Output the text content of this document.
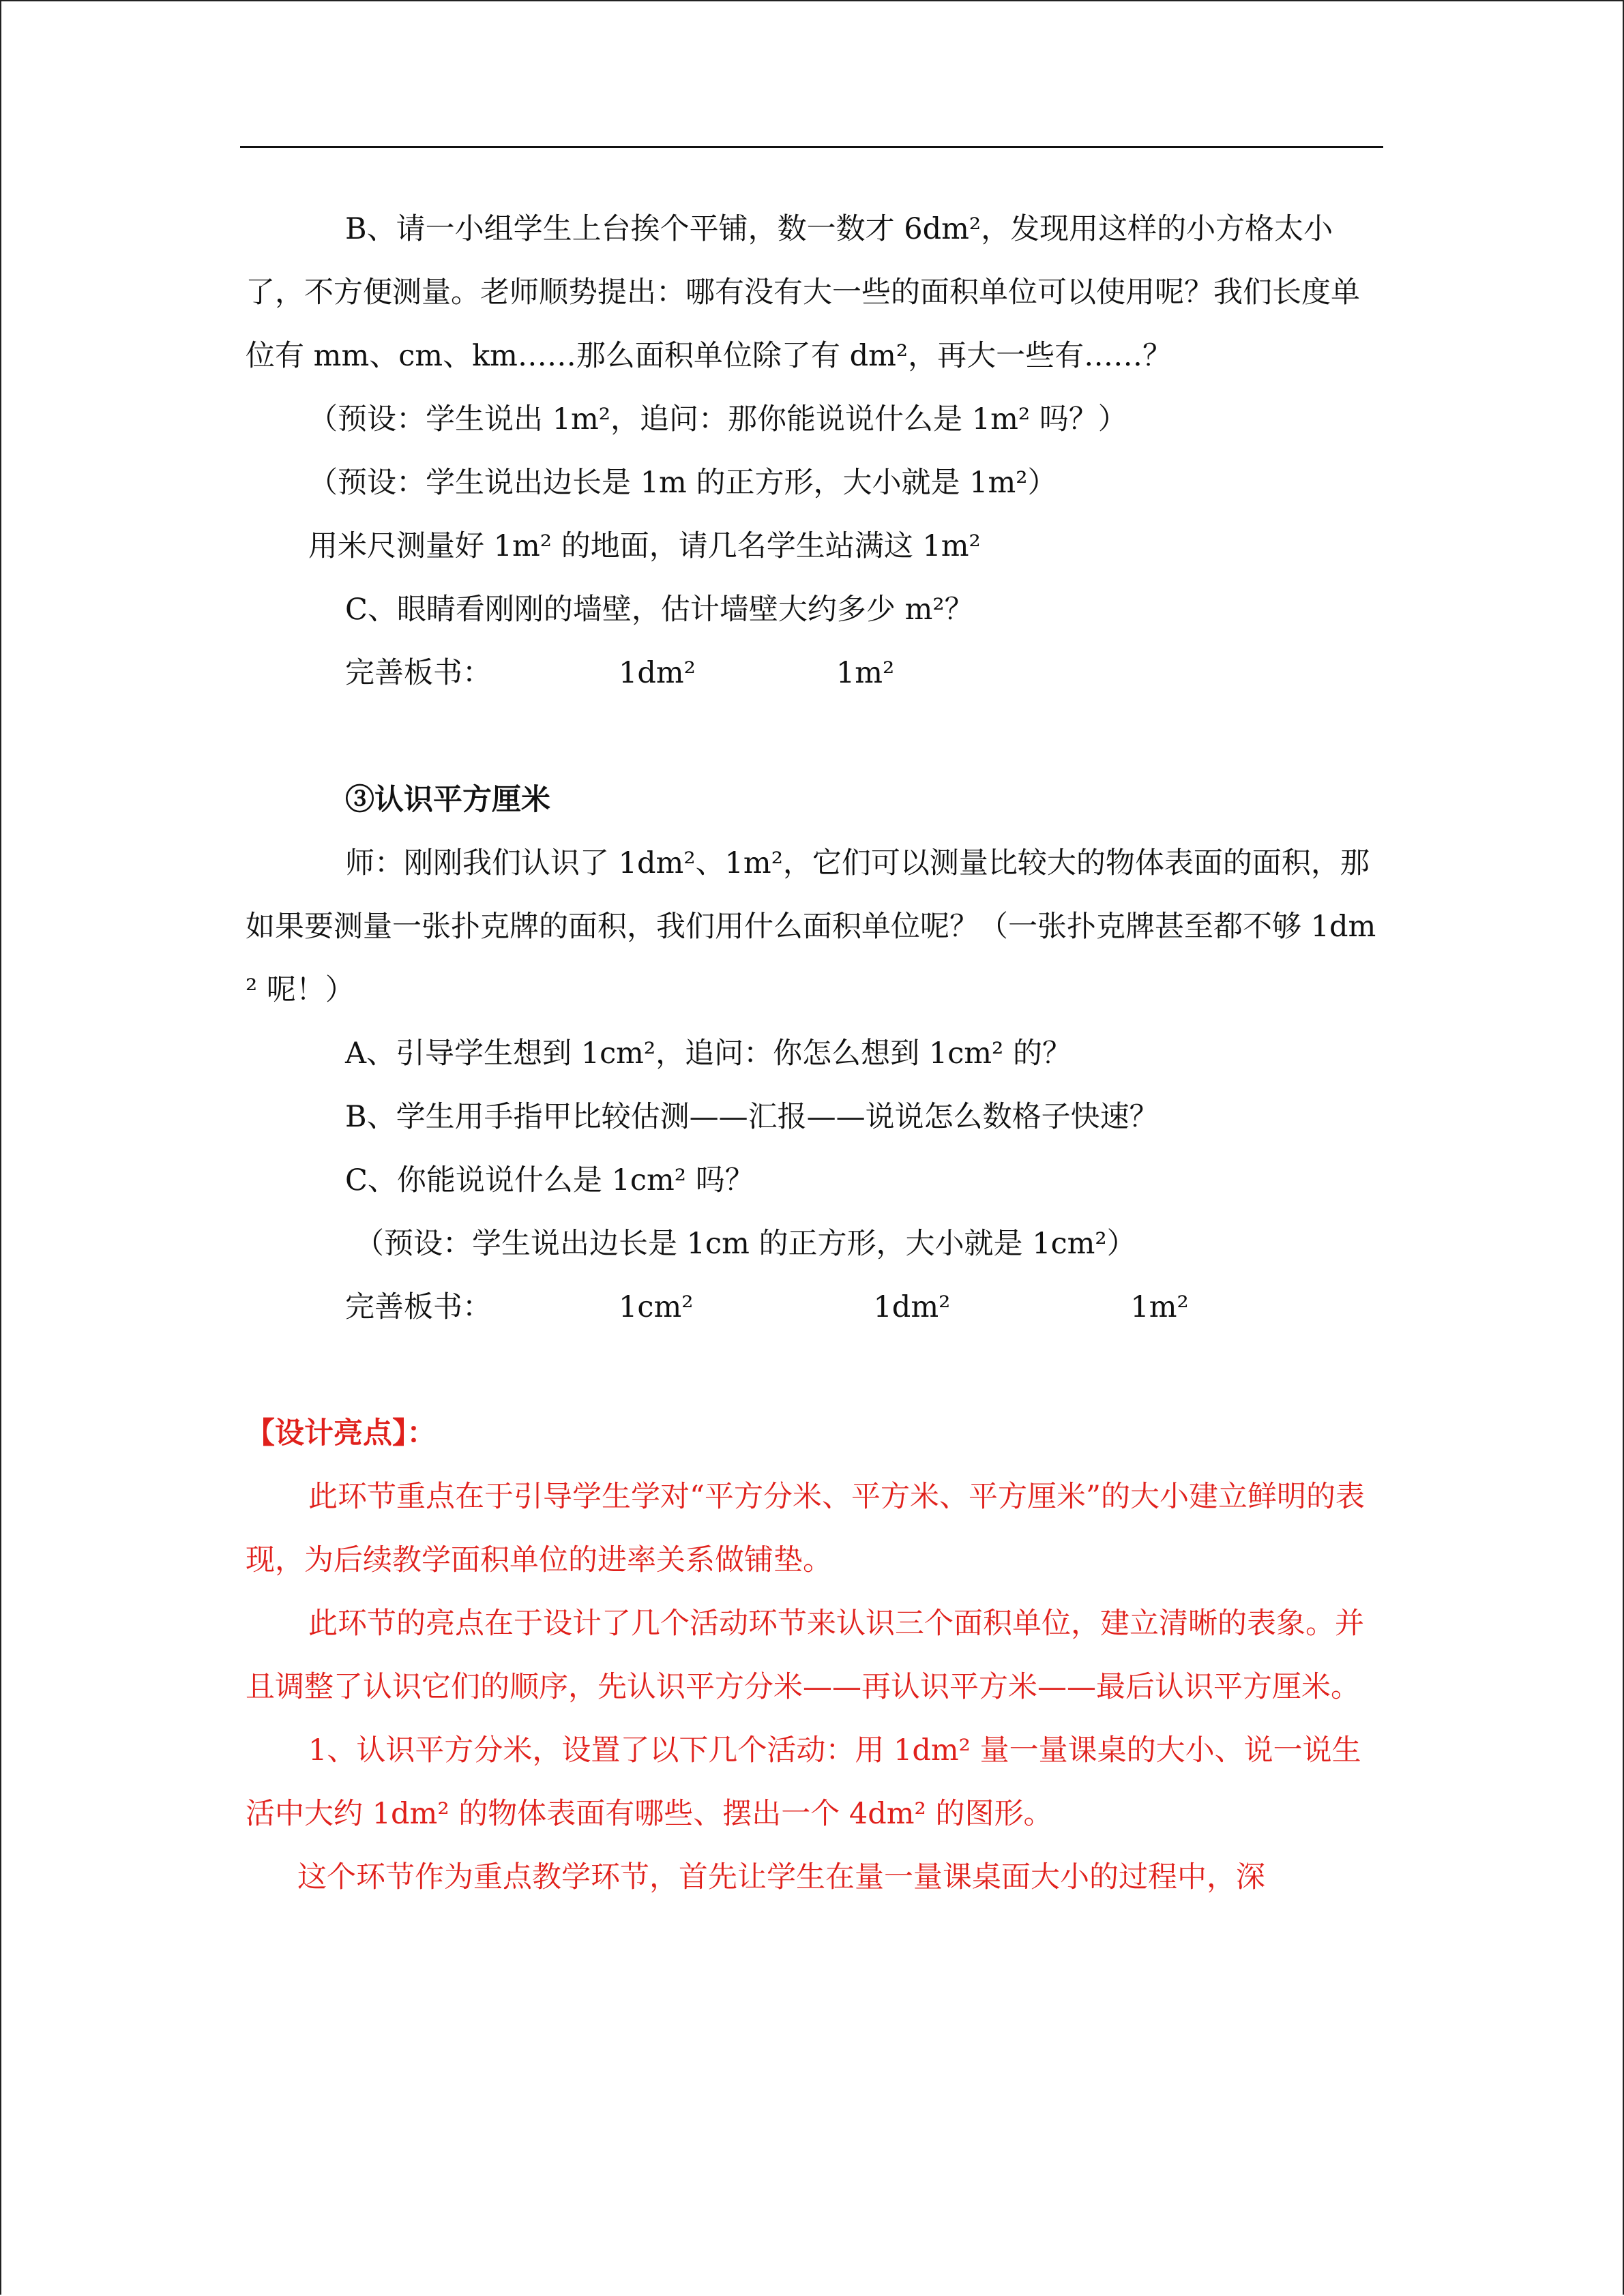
B、请一小组学生上台挨个平铺，数一数才 6dm²，发现用这样的小方格太小了，不方便测量。老师顺势提出：哪有没有大一些的面积单位可以使用呢？我们长度单位有 mm、cm、km……那么面积单位除了有 dm²，再大一些有……？

（预设：学生说出 1m²，追问：那你能说说什么是 1m² 吗？）

（预设：学生说出边长是 1m 的正方形，大小就是 1m²）

用米尺测量好 1m² 的地面，请几名学生站满这 1m²

C、眼睛看刚刚的墙壁，估计墙壁大约多少 m²？

完善板书：	1dm²	1m²

③认识平方厘米

师：刚刚我们认识了 1dm²、1m²，它们可以测量比较大的物体表面的面积，那如果要测量一张扑克牌的面积，我们用什么面积单位呢？（一张扑克牌甚至都不够 1dm² 呢！）

A、引导学生想到 1cm²，追问：你怎么想到 1cm² 的？

B、学生用手指甲比较估测——汇报——说说怎么数格子快速？

C、你能说说什么是 1cm² 吗？

（预设：学生说出边长是 1cm 的正方形，大小就是 1cm²）

完善板书：	1cm²	1dm²	1m²

【设计亮点】：

此环节重点在于引导学生学对“平方分米、平方米、平方厘米”的大小建立鲜明的表现，为后续教学面积单位的进率关系做铺垫。

此环节的亮点在于设计了几个活动环节来认识三个面积单位，建立清晰的表象。并且调整了认识它们的顺序，先认识平方分米——再认识平方米——最后认识平方厘米。

1、认识平方分米，设置了以下几个活动：用 1dm² 量一量课桌的大小、说一说生活中大约 1dm² 的物体表面有哪些、摆出一个 4dm² 的图形。

这个环节作为重点教学环节，首先让学生在量一量课桌面大小的过程中，深
